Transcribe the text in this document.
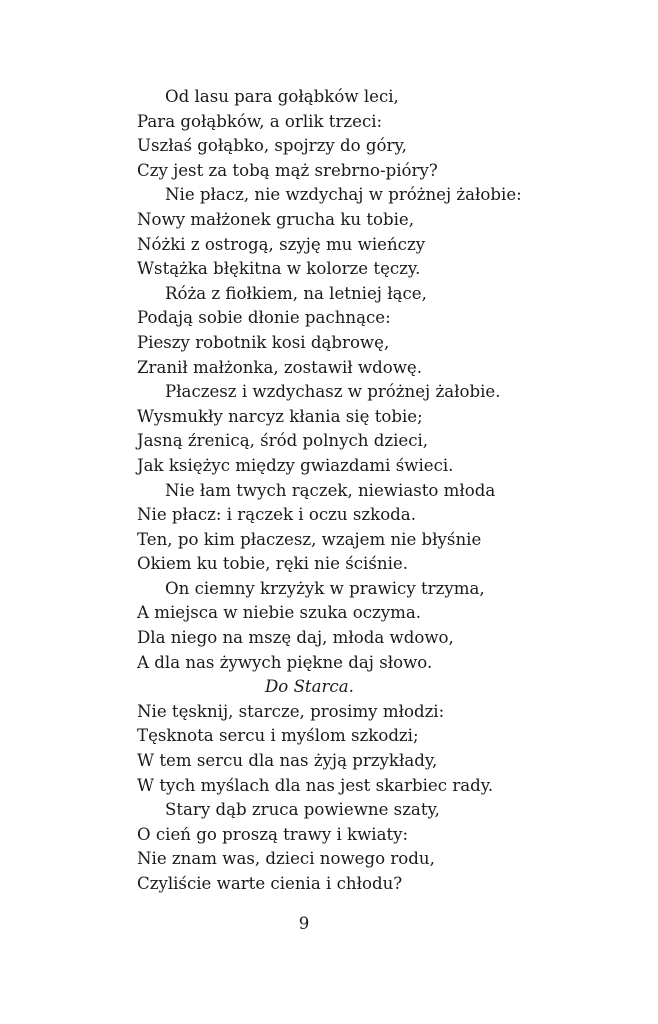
Od lasu para gołąbków leci,
Para gołąbków, a orlik trzeci:
Uszłaś gołąbko, spojrzy do góry,
Czy jest za tobą mąż srebrno-pióry?
Nie płacz, nie wzdychaj w próżnej żałobie:
Nowy małżonek grucha ku tobie,
Nóżki z ostrogą, szyję mu wieńczy
Wstążka błękitna w kolorze tęczy.
Róża z fiołkiem, na letniej łące,
Podają sobie dłonie pachnące:
Pieszy robotnik kosi dąbrowę,
Zranił małżonka, zostawił wdowę.
Płaczesz i wzdychasz w próżnej żałobie.
Wysmukły narcyz kłania się tobie;
Jasną źrenicą, śród polnych dzieci,
Jak księżyc między gwiazdami świeci.
Nie łam twych rączek, niewiasto młoda
Nie płacz: i rączek i oczu szkoda.
Ten, po kim płaczesz, wzajem nie błyśnie
Okiem ku tobie, ręki nie ściśnie.
On ciemny krzyżyk w prawicy trzyma,
A miejsca w niebie szuka oczyma.
Dla niego na mszę daj, młoda wdowo,
A dla nas żywych piękne daj słowo.
Do Starca.
Nie tęsknij, starcze, prosimy młodzi:
Tęsknota sercu i myślom szkodzi;
W tem sercu dla nas żyją przykłady,
W tych myślach dla nas jest skarbiec rady.
Stary dąb zruca powiewne szaty,
O cień go proszą trawy i kwiaty:
Nie znam was, dzieci nowego rodu,
Czyliście warte cienia i chłodu?
9
